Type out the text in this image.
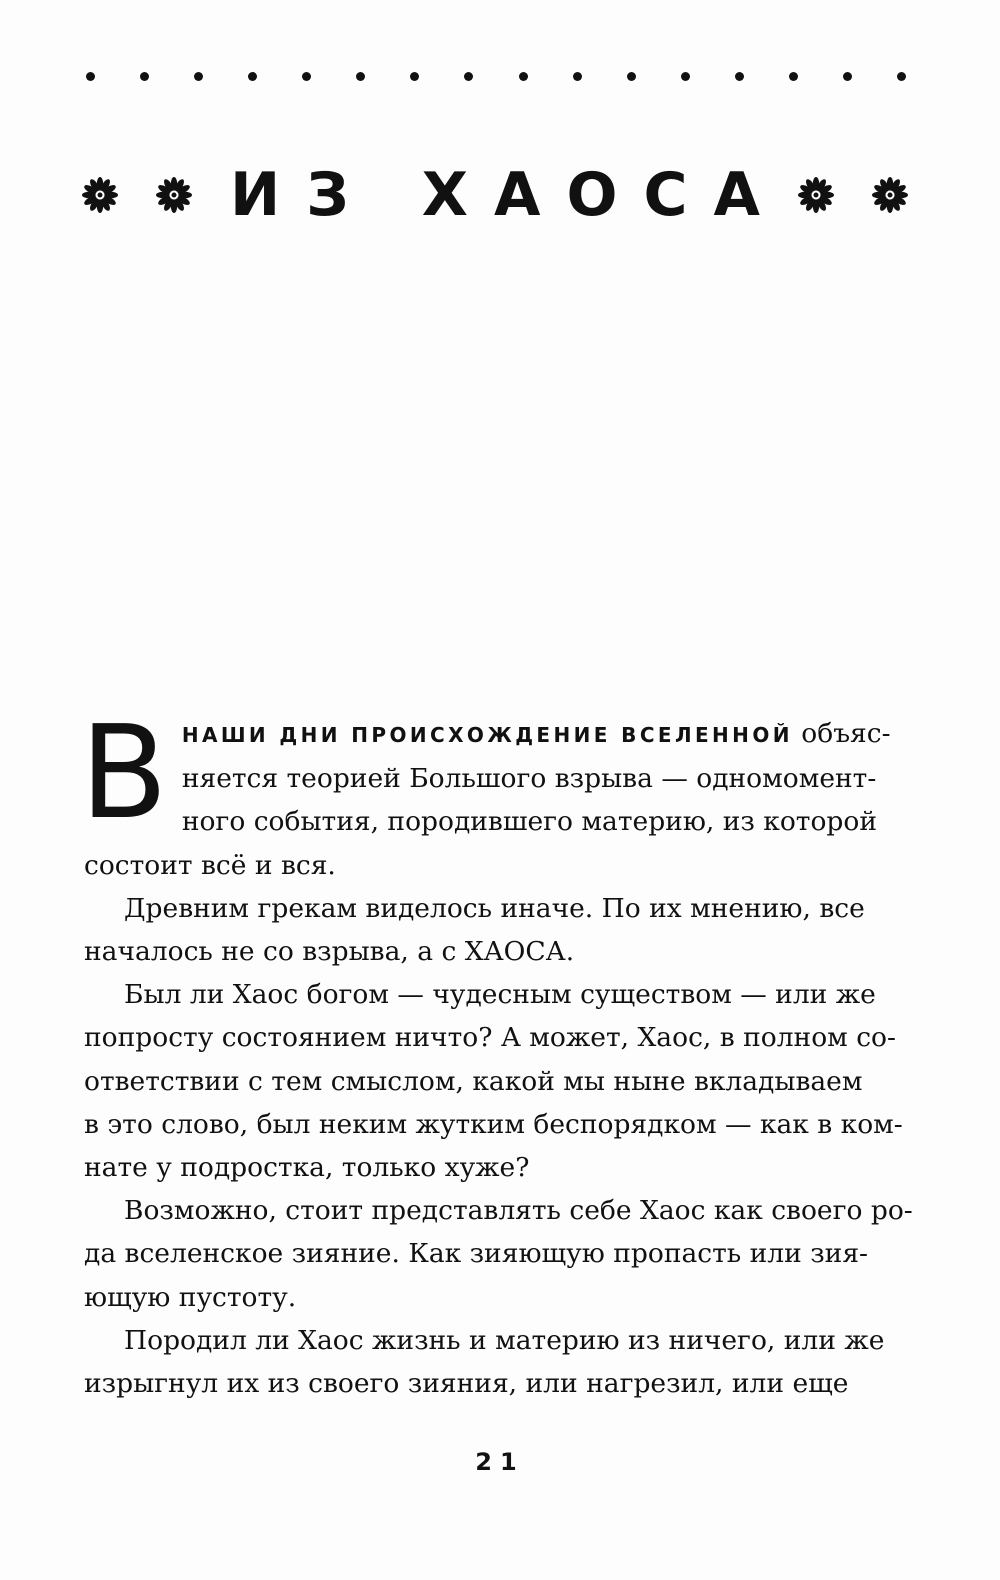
ИЗ ХАОСА

В НАШИ ДНИ ПРОИСХОЖДЕНИЕ ВСЕЛЕННОЙ объяс-
няется теорией Большого взрыва — одномомент-
ного события, породившего материю, из которой
состоит всё и вся.

Древним грекам виделось иначе. По их мнению, все
началось не со взрыва, а с ХАОСА.

Был ли Хаос богом — чудесным существом — или же
попросту состоянием ничто? А может, Хаос, в полном со-
ответствии с тем смыслом, какой мы ныне вкладываем
в это слово, был неким жутким беспорядком — как в ком-
нате у подростка, только хуже?

Возможно, стоит представлять себе Хаос как своего ро-
да вселенское зияние. Как зияющую пропасть или зия-
ющую пустоту.

Породил ли Хаос жизнь и материю из ничего, или же
изрыгнул их из своего зияния, или нагрезил, или еще

21
